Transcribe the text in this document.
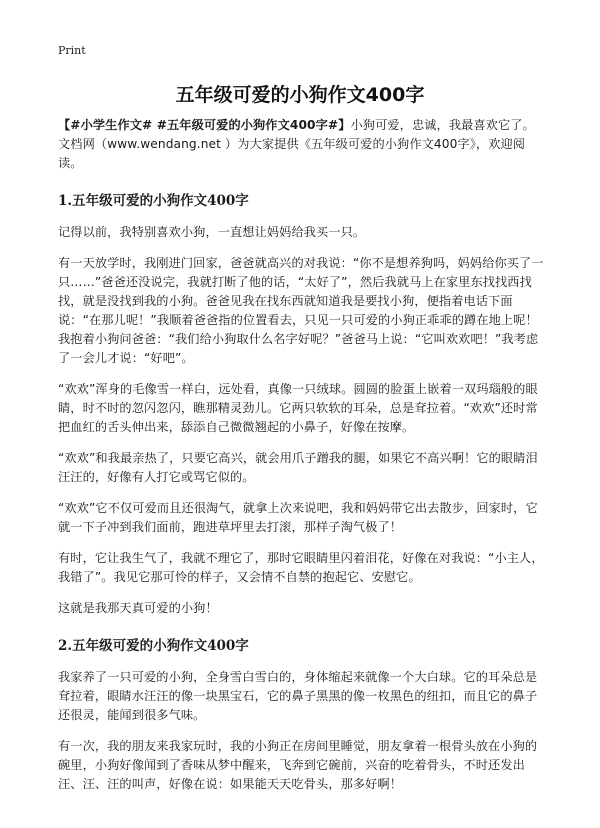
Print
五年级可爱的小狗作文400字

【#小学生作文# #五年级可爱的小狗作文400字#】小狗可爱，忠诚，我最喜欢它了。文档网（www.wendang.net ）为大家提供《五年级可爱的小狗作文400字》，欢迎阅读。

1.五年级可爱的小狗作文400字

记得以前，我特别喜欢小狗，一直想让妈妈给我买一只。

有一天放学时，我刚进门回家，爸爸就高兴的对我说：“你不是想养狗吗，妈妈给你买了一只……”爸爸还没说完，我就打断了他的话，“太好了”，然后我就马上在家里东找找西找找，就是没找到我的小狗。爸爸见我在找东西就知道我是要找小狗，便指着电话下面说：“在那儿呢！”我顺着爸爸指的位置看去，只见一只可爱的小狗正乖乖的蹲在地上呢！我抱着小狗问爸爸：“我们给小狗取什么名字好呢？”爸爸马上说：“它叫欢欢吧！”我考虑了一会儿才说：“好吧”。

“欢欢”浑身的毛像雪一样白，远处看，真像一只绒球。圆圆的脸蛋上嵌着一双玛瑙般的眼睛，时不时的忽闪忽闪，瞧那精灵劲儿。它两只软软的耳朵，总是耷拉着。“欢欢”还时常把血红的舌头伸出来，舔添自己微微翘起的小鼻子，好像在按摩。

“欢欢”和我最亲热了，只要它高兴，就会用爪子蹭我的腿，如果它不高兴啊！它的眼睛泪汪汪的，好像有人打它或骂它似的。

“欢欢”它不仅可爱而且还很淘气，就拿上次来说吧，我和妈妈带它出去散步，回家时，它就一下子冲到我们面前，跑进草坪里去打滚，那样子淘气极了！

有时，它让我生气了，我就不理它了，那时它眼睛里闪着泪花，好像在对我说：“小主人，我错了”。我见它那可怜的样子，又会情不自禁的抱起它、安慰它。

这就是我那天真可爱的小狗！

2.五年级可爱的小狗作文400字

我家养了一只可爱的小狗，全身雪白雪白的，身体缩起来就像一个大白球。它的耳朵总是耷拉着，眼睛水汪汪的像一块黑宝石，它的鼻子黑黑的像一枚黑色的纽扣，而且它的鼻子还很灵，能闻到很多气味。

有一次，我的朋友来我家玩时，我的小狗正在房间里睡觉，朋友拿着一根骨头放在小狗的碗里，小狗好像闻到了香味从梦中醒来，飞奔到它碗前，兴奋的吃着骨头，不时还发出汪、汪、汪的叫声，好像在说：如果能天天吃骨头，那多好啊！
